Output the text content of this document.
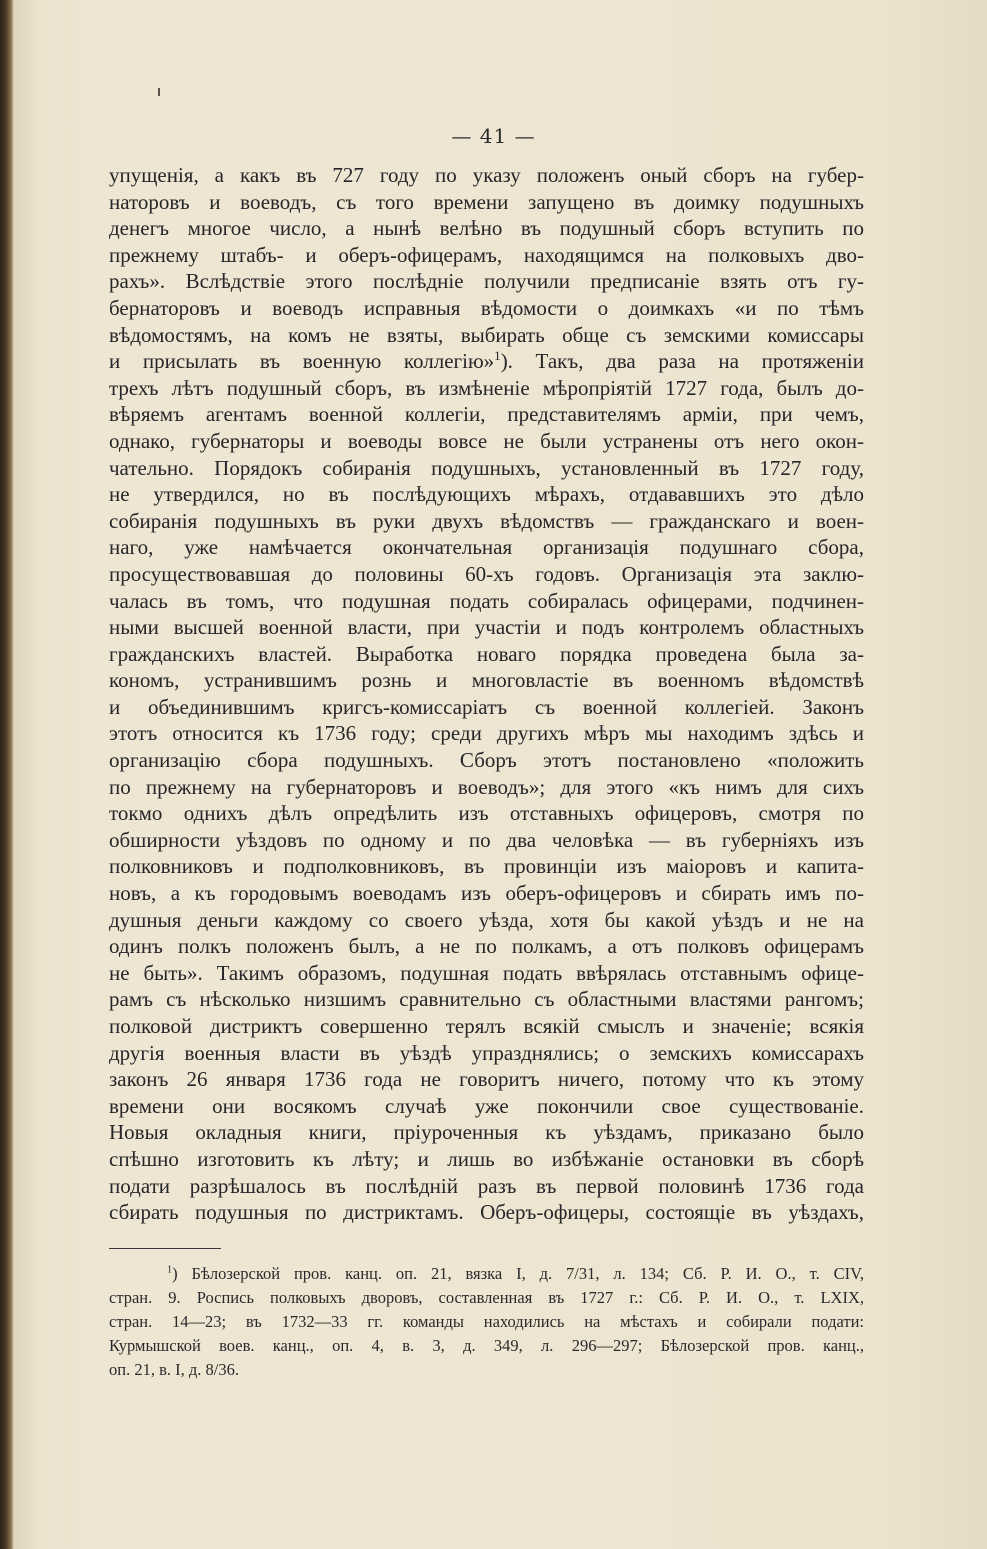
— 41 —
упущенія, а какъ въ 727 году по указу положенъ оный сборъ на губер-
наторовъ и воеводъ, съ того времени запущено въ доимку подушныхъ
денегъ многое число, а нынѣ велѣно въ подушный сборъ вступить по
прежнему штабъ- и оберъ-офицерамъ, находящимся на полковыхъ дво-
рахъ». Вслѣдствіе этого послѣдніе получили предписаніе взять отъ гу-
бернаторовъ и воеводъ исправныя вѣдомости о доимкахъ «и по тѣмъ
вѣдомостямъ, на комъ не взяты, выбирать обще съ земскими комиссары
и присылать въ военную коллегію»$^1$). Такъ, два раза на протяженіи
трехъ лѣтъ подушный сборъ, въ измѣненіе мѣропріятій 1727 года, былъ до-
вѣряемъ агентамъ военной коллегіи, представителямъ арміи, при чемъ,
однако, губернаторы и воеводы вовсе не были устранены отъ него окон-
чательно. Порядокъ собиранія подушныхъ, установленный въ 1727 году,
не утвердился, но въ послѣдующихъ мѣрахъ, отдававшихъ это дѣло
собиранія подушныхъ въ руки двухъ вѣдомствъ — гражданскаго и воен-
наго, уже намѣчается окончательная организація подушнаго сбора,
просуществовавшая до половины 60-хъ годовъ. Организація эта заклю-
чалась въ томъ, что подушная подать собиралась офицерами, подчинен-
ными высшей военной власти, при участіи и подъ контролемъ областныхъ
гражданскихъ властей. Выработка новаго порядка проведена была за-
кономъ, устранившимъ рознь и многовластіе въ военномъ вѣдомствѣ
и объединившимъ кригсъ-комиссаріатъ съ военной коллегіей. Законъ
этотъ относится къ 1736 году; среди другихъ мѣръ мы находимъ здѣсь и
организацію сбора подушныхъ. Сборъ этотъ постановлено «положить
по прежнему на губернаторовъ и воеводъ»; для этого «къ нимъ для сихъ
токмо однихъ дѣлъ опредѣлить изъ отставныхъ офицеровъ, смотря по
обширности уѣздовъ по одному и по два человѣка — въ губерніяхъ изъ
полковниковъ и подполковниковъ, въ провинціи изъ маіоровъ и капита-
новъ, а къ городовымъ воеводамъ изъ оберъ-офицеровъ и сбирать имъ по-
душныя деньги каждому со своего уѣзда, хотя бы какой уѣздъ и не на
одинъ полкъ положенъ былъ, а не по полкамъ, а отъ полковъ офицерамъ
не быть». Такимъ образомъ, подушная подать ввѣрялась отставнымъ офице-
рамъ съ нѣсколько низшимъ сравнительно съ областными властями рангомъ;
полковой дистриктъ совершенно терялъ всякій смыслъ и значеніе; всякія
другія военныя власти въ уѣздѣ упразднялись; о земскихъ комиссарахъ
законъ 26 января 1736 года не говоритъ ничего, потому что къ этому
времени они восякомъ случаѣ уже покончили свое существованіе.
Новыя окладныя книги, пріуроченныя къ уѣздамъ, приказано было
спѣшно изготовить къ лѣту; и лишь во избѣжаніе остановки въ сборѣ
подати разрѣшалось въ послѣдній разъ въ первой половинѣ 1736 года
сбирать подушныя по дистриктамъ. Оберъ-офицеры, состоящіе въ уѣздахъ,
$^1$) Бѣлозерской пров. канц. оп. 21, вязка I, д. 7/31, л. 134; Сб. Р. И. О., т. CIV,
стран. 9. Роспись полковыхъ дворовъ, составленная въ 1727 г.: Сб. Р. И. О., т. LXIX,
стран. 14—23; въ 1732—33 гг. команды находились на мѣстахъ и собирали подати:
Курмышской воев. канц., оп. 4, в. 3, д. 349, л. 296—297; Бѣлозерской пров. канц.,
оп. 21, в. I, д. 8/36.
